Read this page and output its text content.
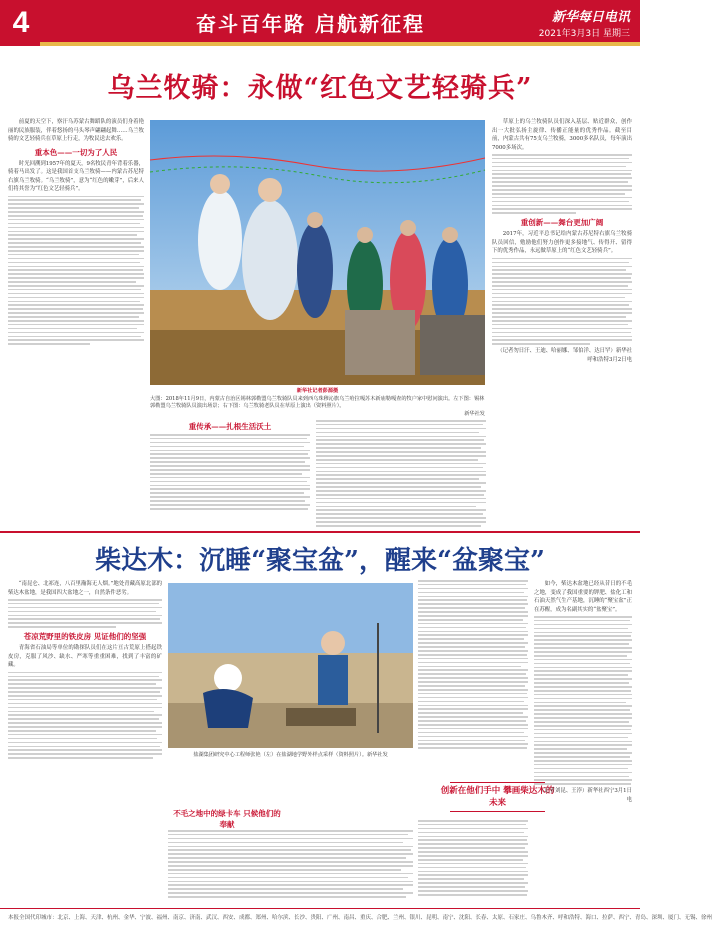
4	奋斗百年路 启航新征程	新华每日电讯
2021年3月3日 星期三
乌兰牧骑：永做“红色文艺轻骑兵”

前夏的天空下，察汗乌苏蒙古舞蹈队的演员们身着艳丽的民族服装，伴着悠扬的马头琴声翩翩起舞……乌兰牧骑的文艺轻骑兵在草原上行走，为牧民送去欢乐。

重本色——一切为了人民

时光回溯到1957年的夏天，9名牧民青年背着乐器，骑着马出发了。这是我国首支乌兰牧骑——内蒙古苏尼特右旗乌兰牧骑。“乌兰牧骑”，意为“红色的嫩芽”，后来人们将其誉为“红色文艺轻骑兵”。

新华社记者彭源摄
大图：2018年11月9日，内蒙古自治区锡林郭勒盟乌兰牧骑队员来到西乌珠穆沁旗乌兰哈拉嘎苏木新庙勒嘎查的牧户家中慰问演出。左下图：锡林郭勒盟乌兰牧骑队员演出场景；右下图：乌兰牧骑老队员在草原上演出（资料照片）。
新华社发
重传承——扎根生活沃土

草原上的乌兰牧骑队员们深入基层、贴近群众，创作出一大批弘扬主旋律、传播正能量的优秀作品。截至目前，内蒙古共有75支乌兰牧骑，3000多名队员，每年演出7000多场次。

重创新——舞台更加广阔

2017年，习近平总书记给内蒙古苏尼特右旗乌兰牧骑队员回信，勉励他们努力创作更多接地气、传得开、留得下的优秀作品，永远做草原上的“红色文艺轻骑兵”。

（记者勿日汗、王迪、哈丽娜、邹伯洋、达日罕）新华社呼和浩特3月2日电

柴达木：沉睡“聚宝盆”，醒来“盆聚宝”

“南昆仑、北祁连，八百里瀚海无人烟。”地处青藏高原北部的柴达木盆地，是我国四大盆地之一，自然条件恶劣。

苍凉荒野里的铁皮房 见证他们的坚强

青海省石油局等单位的勘探队员们在这片亘古荒原上搭起铁皮房，克服了风沙、缺水、严寒等重重困难，找到了丰富的矿藏。

盐湖集团研究中心工程师张艳（左）在盐湖地学野外样点采样（资料照片）。新华社发
不毛之地中的绿卡车 只候他们的奉献
创新在他们手中 攀画柴达木的未来

如今，柴达木盆地已经从昔日的不毛之地，变成了我国重要的钾肥、盐化工和石油天然气生产基地，沉睡的“聚宝盆”正在苏醒，成为名副其实的“盆聚宝”。

（记者刘昆、王浡）新华社西宁3月1日电

本报全国代印城市：北京、上海、天津、杭州、金华、宁波、福州、南京、济南、武汉、西安、成都、郑州、哈尔滨、长沙、贵阳、广州、南昌、重庆、合肥、兰州、银川、昆明、南宁、沈阳、长春、太原、石家庄、乌鲁木齐、呼和浩特、海口、拉萨、西宁、青岛、深圳、厦门、无锡、徐州
